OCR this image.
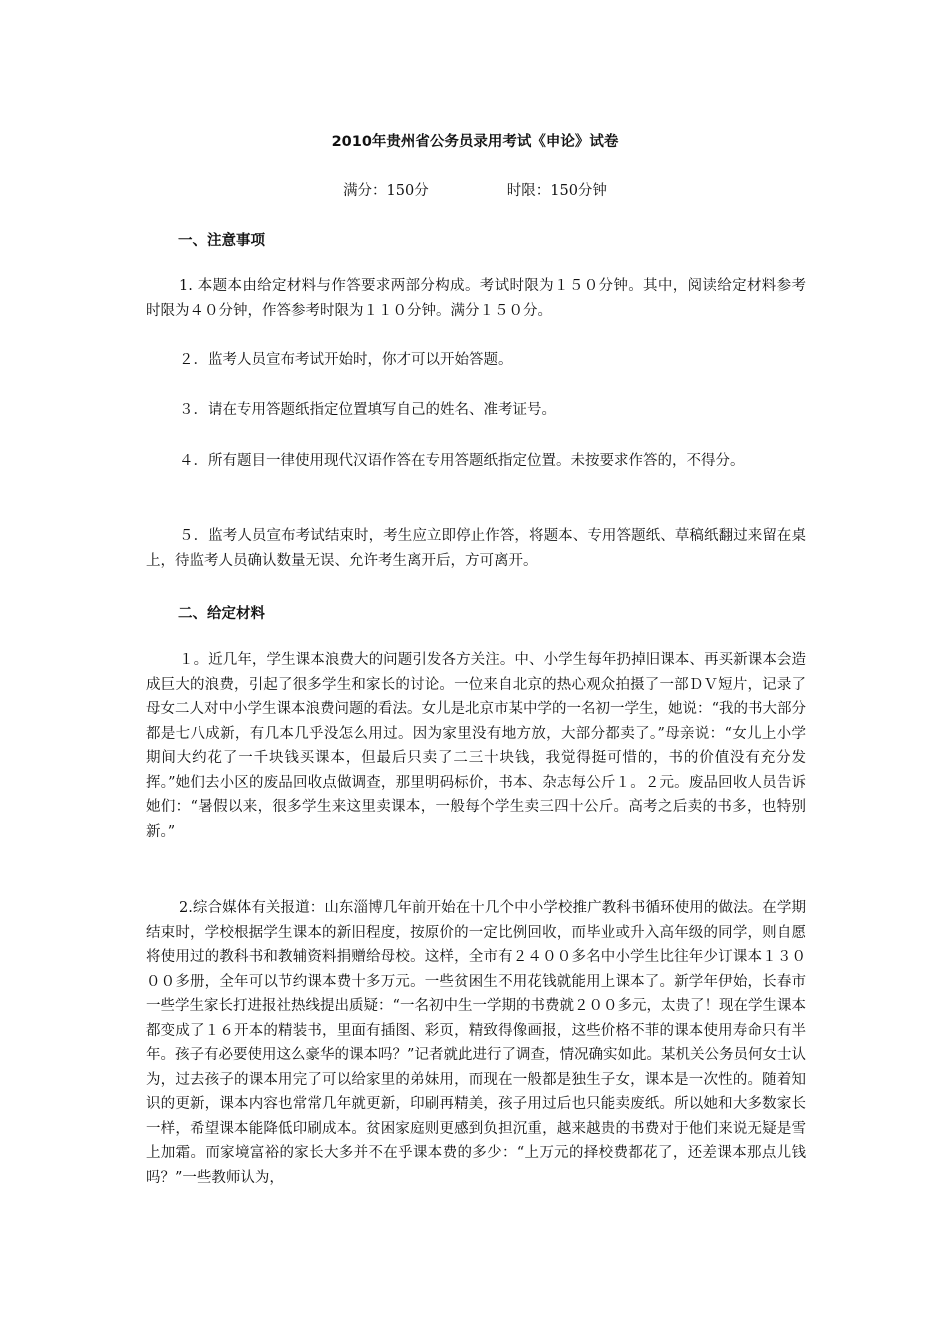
2010年贵州省公务员录用考试《申论》试卷
满分：150分	时限：150分钟
一、注意事项

1. 本题本由给定材料与作答要求两部分构成。考试时限为１５０分钟。其中，阅读给定材料参考时限为４０分钟，作答参考时限为１１０分钟。满分１５０分。

２．监考人员宣布考试开始时，你才可以开始答题。

３．请在专用答题纸指定位置填写自己的姓名、准考证号。

４．所有题目一律使用现代汉语作答在专用答题纸指定位置。未按要求作答的，不得分。

５．监考人员宣布考试结束时，考生应立即停止作答，将题本、专用答题纸、草稿纸翻过来留在桌上，待监考人员确认数量无误、允许考生离开后，方可离开。

二、给定材料

１。近几年，学生课本浪费大的问题引发各方关注。中、小学生每年扔掉旧课本、再买新课本会造成巨大的浪费，引起了很多学生和家长的讨论。一位来自北京的热心观众拍摄了一部ＤＶ短片，记录了母女二人对中小学生课本浪费问题的看法。女儿是北京市某中学的一名初一学生，她说：“我的书大部分都是七八成新，有几本几乎没怎么用过。因为家里没有地方放，大部分都卖了。”母亲说：“女儿上小学期间大约花了一千块钱买课本，但最后只卖了二三十块钱，我觉得挺可惜的，书的价值没有充分发挥。”她们去小区的废品回收点做调查，那里明码标价，书本、杂志每公斤１。２元。废品回收人员告诉她们：“暑假以来，很多学生来这里卖课本，一般每个学生卖三四十公斤。高考之后卖的书多，也特别新。”

2.综合媒体有关报道：山东淄博几年前开始在十几个中小学校推广教科书循环使用的做法。在学期结束时，学校根据学生课本的新旧程度，按原价的一定比例回收，而毕业或升入高年级的同学，则自愿将使用过的教科书和教辅资料捐赠给母校。这样，全市有２４００多名中小学生比往年少订课本１３０００多册，全年可以节约课本费十多万元。一些贫困生不用花钱就能用上课本了。新学年伊始，长春市一些学生家长打进报社热线提出质疑：“一名初中生一学期的书费就２００多元，太贵了！现在学生课本都变成了１６开本的精装书，里面有插图、彩页，精致得像画报，这些价格不菲的课本使用寿命只有半年。孩子有必要使用这么豪华的课本吗？”记者就此进行了调查，情况确实如此。某机关公务员何女士认为，过去孩子的课本用完了可以给家里的弟妹用，而现在一般都是独生子女，课本是一次性的。随着知识的更新，课本内容也常常几年就更新，印刷再精美，孩子用过后也只能卖废纸。所以她和大多数家长一样，希望课本能降低印刷成本。贫困家庭则更感到负担沉重，越来越贵的书费对于他们来说无疑是雪上加霜。而家境富裕的家长大多并不在乎课本费的多少：“上万元的择校费都花了，还差课本那点儿钱吗？”一些教师认为，
